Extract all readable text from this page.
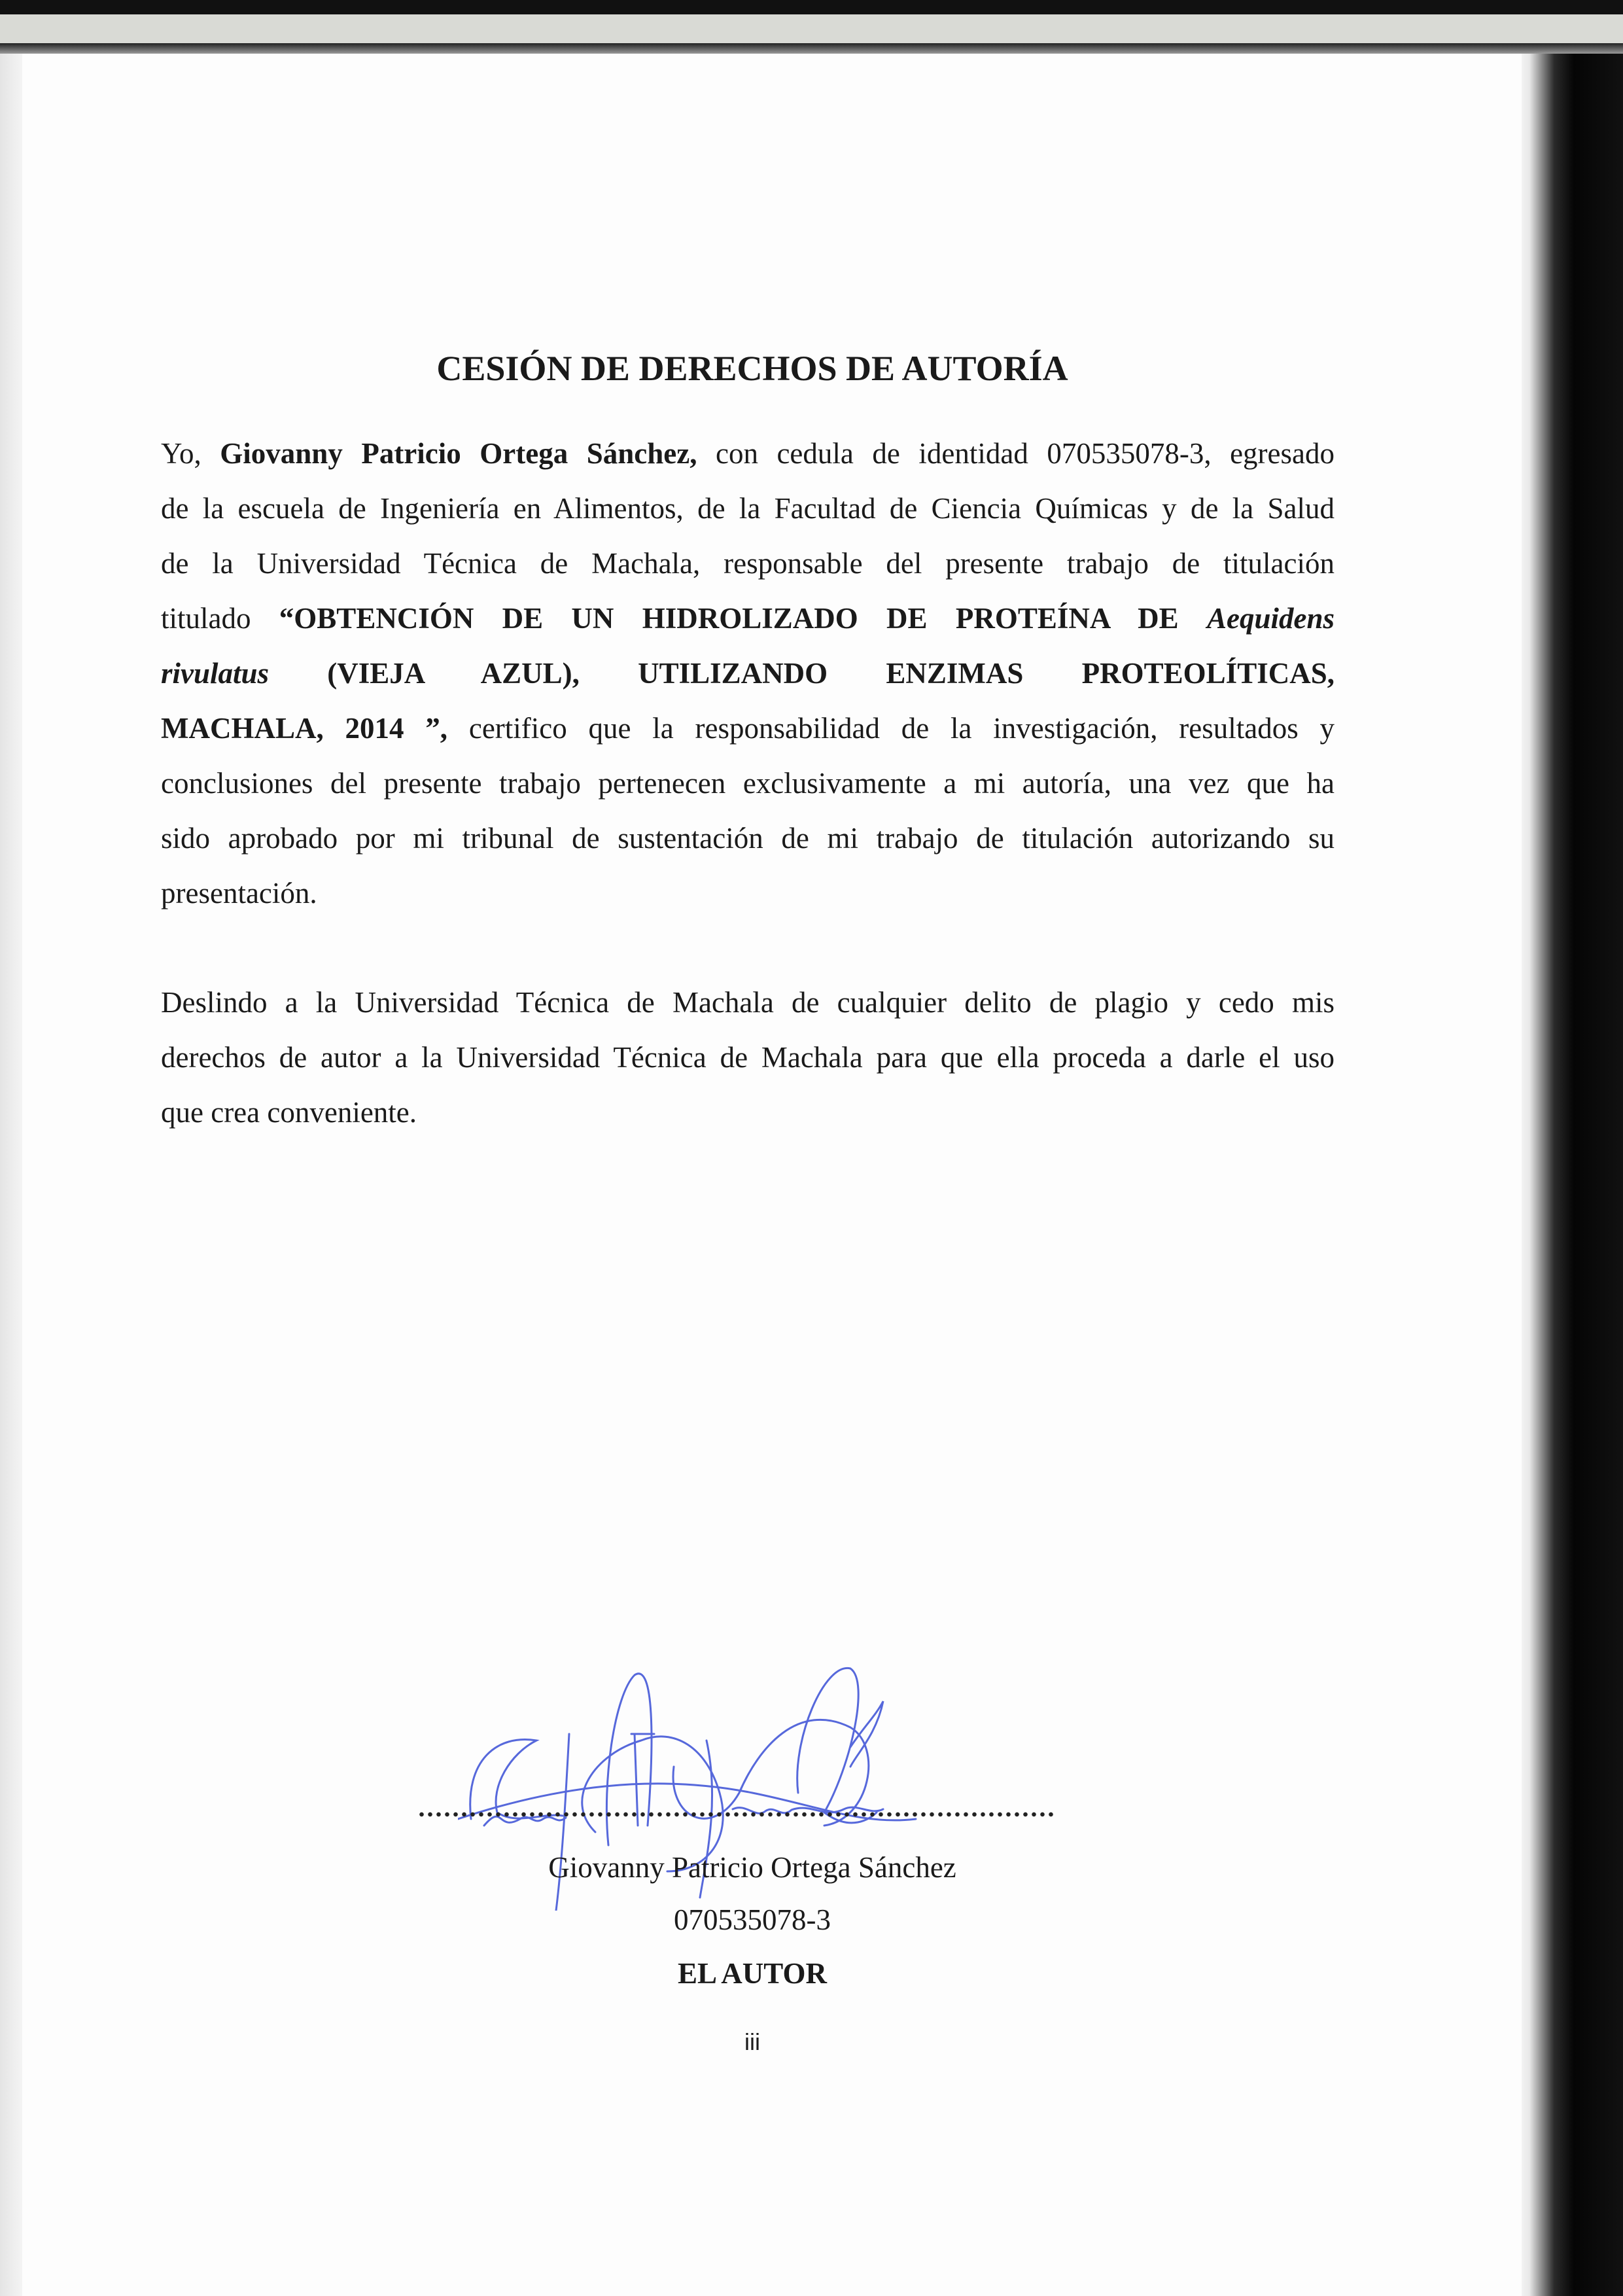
CESIÓN DE DERECHOS DE AUTORÍA
Yo, Giovanny Patricio Ortega Sánchez, con cedula de identidad 070535078-3, egresado
de la escuela de Ingeniería en Alimentos, de la Facultad de Ciencia Químicas y de la Salud
de la Universidad Técnica de Machala, responsable del presente trabajo de titulación
titulado “OBTENCIÓN DE UN HIDROLIZADO DE PROTEÍNA DE Aequidens
rivulatus (VIEJA AZUL), UTILIZANDO ENZIMAS PROTEOLÍTICAS,
MACHALA, 2014 ”, certifico que la responsabilidad de la investigación, resultados y
conclusiones del presente trabajo pertenecen exclusivamente a mi autoría, una vez que ha
sido aprobado por mi tribunal de sustentación de mi trabajo de titulación autorizando su
presentación.
Deslindo a la Universidad Técnica de Machala de cualquier delito de plagio y cedo mis
derechos de autor a la Universidad Técnica de Machala para que ella proceda a darle el uso
que crea conveniente.
Giovanny Patricio Ortega Sánchez
070535078-3
EL AUTOR
iii
